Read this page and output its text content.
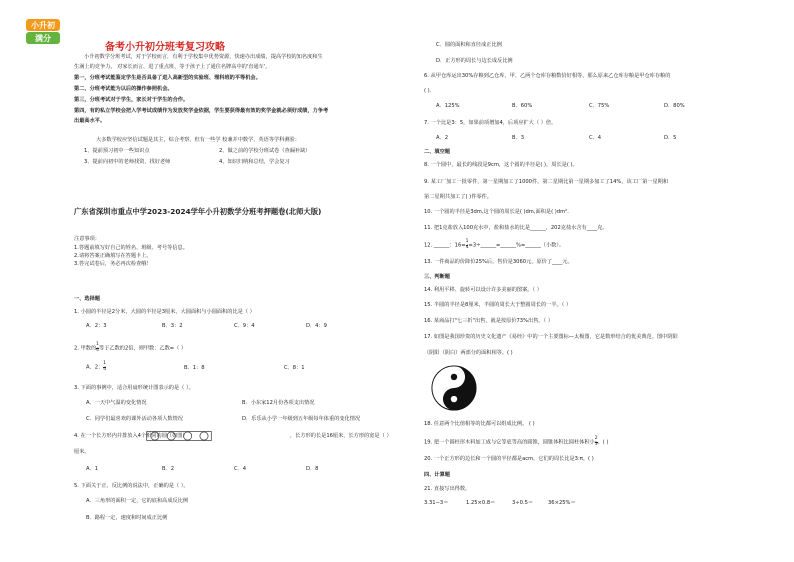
小升初
满分
备考小升初分班考复习攻略
小升初数学分班考试，对于学校而言，有利于学校集中优势资源，快速办出成绩，提高学校的知名度和生
生满上的竞争力。 对家长而言，进了重点班，等于孩子上了通往名牌高中的'直通车'。
第一，分班考试能鉴定学生是否具备了进入高新型的实验班、理科班的平等机会。
第二，分班考试能为以后的操作参照机会。
第三，分班考试对于学生，家长对于学生的合作。
第四，有的私立学校会把入学考试成绩作为发放奖学金依据，学生要获得最有效的奖学金就必须好成绩，力争考
出最高水平。
大多数学校应坚信试题是其主，综合考察，但有一些学 校兼并中数学、英语等学科测验：
1、提前预习初中一些知识点	2、做之前的学校分班试卷（查漏补缺）
3、提前向初中的老师找资，找好老师	4、知识归纳和总结，学会复习
广东省深圳市重点中学2023-2024学年小升初数学分班考押题卷(北师大版)
注意事项：
1.答题前填写好自己的姓名、班级、考号等信息。
2.请将答案正确填写在答题卡上。
3.答完试卷后，务必再次检查哦！
一、选择题
1. 小圆的半径是2分米，大圆的半径是3厘米，大圆面积与小圆面积的比是（ ）
A．2：3	B．3：2	C．9：4	D．4：9
2. 甲数的 $\frac{1}{4}$ 等于乙数的2倍，则甲数：乙数=（ ）
A．2： $\frac{1}{4}$	B．1：8	C．8：1
3. 下面的事例中，适合用扇形统计图表示的是（ ）。
A．一天中气温的变化情况	B．小东家12月份各项支出情况
C．同学们最喜欢的课外活动各项人数情况	D．乐乐从小学一年级到五年级每年体重的变化情况
4. 在一个长方形内并排放入4个相同的圆（如图）	，长方形的长是16厘米，长方形的宽是（ ）
厘米。
A．1	B．2	C．4	D．8
5. 下面关于正、反比例的说法中，正确的是（ ）。
A．三角形的面积一定，它的底和高成反比例
B．路程一定，速度和时间成正比例
C．圆的面积和直径成正比例
D．正方形的周长与边长成反比例
6. 从甲仓库运出30%存粮到乙仓库，甲、乙两个仓库存粮数恰好相等，那么原来乙仓库存粮是甲仓库存粮的
( ).
A．125%	B．60%	C．75%	D．80%
7. 一个比是3：5，如果前项增加4，后项应扩大（ ）倍。
A．2	B．3	C．4	D．5
二、填空题
8. 一个圆中，最长的线段是9cm，这个圆的半径是( )，周长是( )。
9. 某工厂加工一批零件，第一星期加工了1000件，第二星期比第一星期多加工了14%，该工厂第一星期和
第二星期共加工了( )件零件。
10. 一个圆的半径是3dm,这个圆的周长是( )dm,面积是( )dm².
11. 把1克盐放入100克水中，盐和盐水的比是______，202克盐水含有____克。
12. ______：$16= \frac{1}{4}$ =3÷______=______%=______（小数）。
13. 一件商品的价降价25%后，售价是3060元，原价了____元。
三、判断题
14. 利用平移、旋转可以设计许多美丽的图案。（ ）
15. 半圆的半径是8厘米，半圆的周长大于整圆周长的一半。（ ）
16. 某商品打"七三折"出售，就是按原价73%出售。（ ）
17. 如图是我国珍贵的历史文化遗产《易经》中的一个主要图标—太极图，它是数形结合的优美典范。图中阴阳
（阴阳（阴白）两部分的面积相等。( )
18. 任意两个比值相等的比都可以组成比例。 ( )
19. 把一个圆柱形木料加工成与它等底等高的圆锥，圆锥体积比圆柱体积小 $\frac{2}{3}$ 。( )
20. 一个正方形的边长和一个圆的半径都是acm，它们的周长比是3:π。( )
四、计算题
21. 直接写出得数。
3.31−3＝	1.25×0.8＝	3÷0.5＝	36×25%＝
